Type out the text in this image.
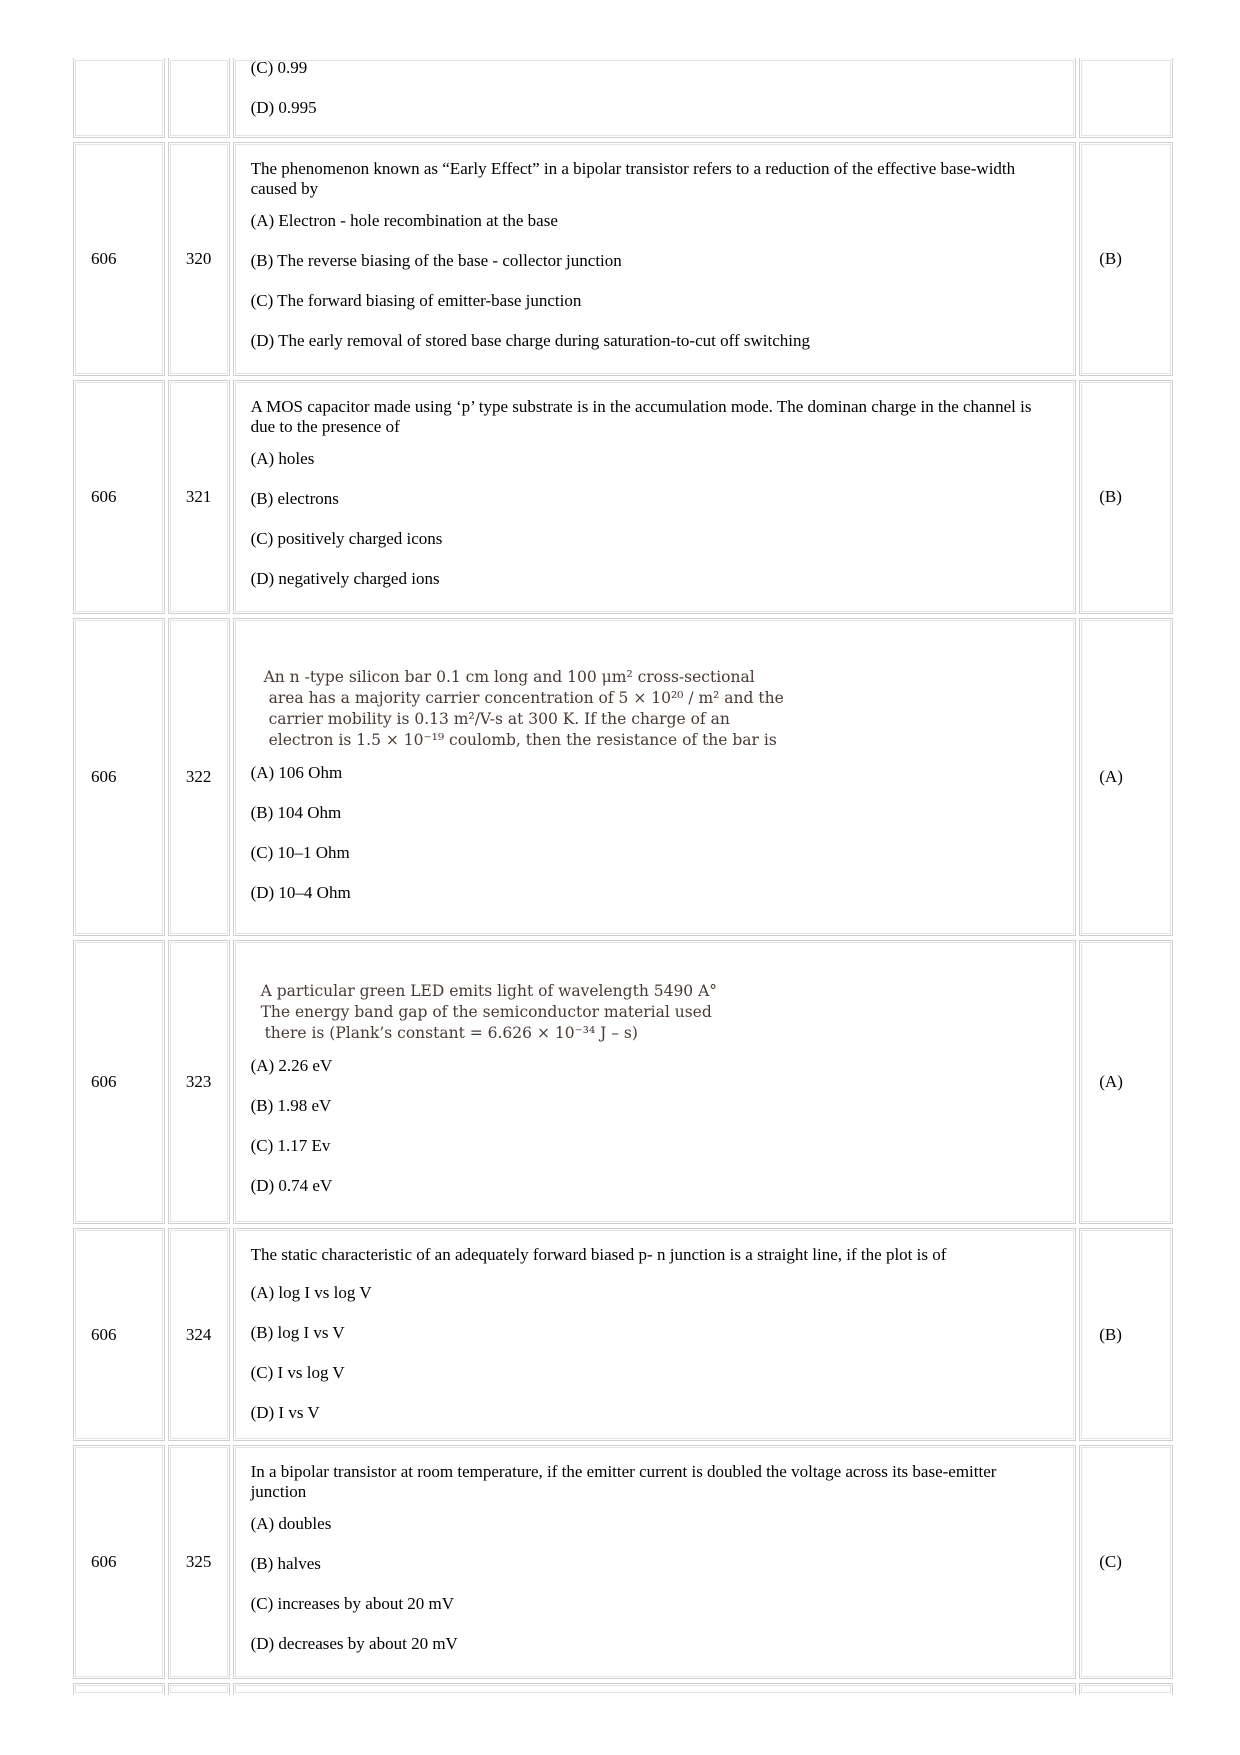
(C) 0.99

(D) 0.995

606	320

The phenomenon known as “Early Effect” in a bipolar transistor refers to a reduction of the effective base-width caused by

(A) Electron - hole recombination at the base

(B) The reverse biasing of the base - collector junction

(C) The forward biasing of emitter-base junction

(D) The early removal of stored base charge during saturation-to-cut off switching

(B)
606	321

A MOS capacitor made using ‘p’ type substrate is in the accumulation mode. The dominan charge in the channel is due to the presence of

(A) holes

(B) electrons

(C) positively charged icons

(D) negatively charged ions

(B)
606	322
An n -type silicon bar 0.1 cm long and 100 μm² cross-sectional
area has a majority carrier concentration of 5 × 10²⁰ / m² and the
carrier mobility is 0.13 m²/V-s at 300 K. If the charge of an
electron is 1.5 × 10⁻¹⁹ coulomb, then the resistance of the bar is

(A) 106 Ohm

(B) 104 Ohm

(C) 10–1 Ohm

(D) 10–4 Ohm

(A)
606	323
A particular green LED emits light of wavelength 5490 A°
The energy band gap of the semiconductor material used
there is (Plank’s constant = 6.626 × 10⁻³⁴ J – s)

(A) 2.26 eV

(B) 1.98 eV

(C) 1.17 Ev

(D) 0.74 eV

(A)
606	324

The static characteristic of an adequately forward biased p- n junction is a straight line, if the plot is of

(A) log I vs log V

(B) log I vs V

(C) I vs log V

(D) I vs V

(B)
606	325

In a bipolar transistor at room temperature, if the emitter current is doubled the voltage across its base-emitter junction

(A) doubles

(B) halves

(C) increases by about 20 mV

(D) decreases by about 20 mV

(C)
